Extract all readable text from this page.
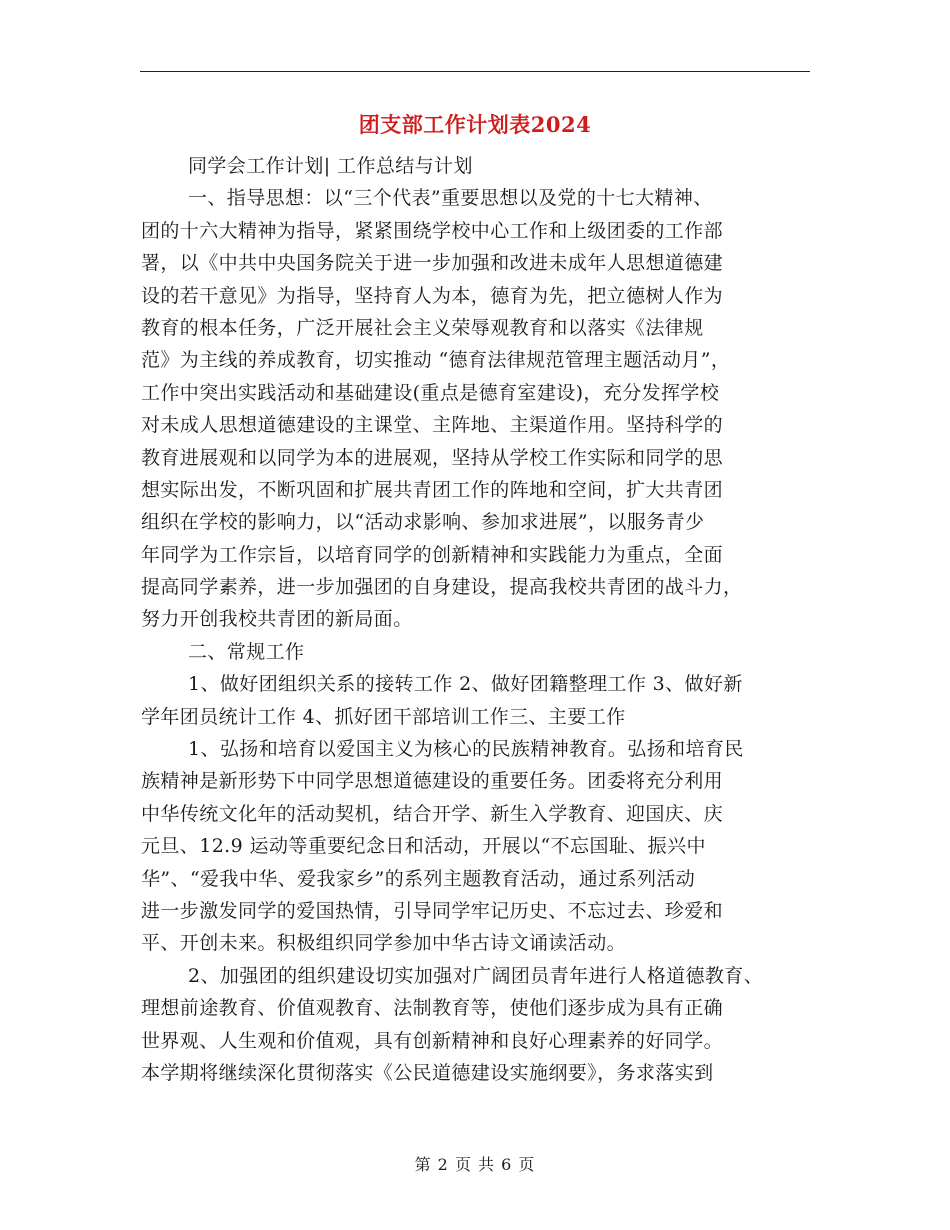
团支部工作计划表2024
同学会工作计划| 工作总结与计划
一、指导思想：以“三个代表”重要思想以及党的十七大精神、
团的十六大精神为指导，紧紧围绕学校中心工作和上级团委的工作部
署，以《中共中央国务院关于进一步加强和改进未成年人思想道德建
设的若干意见》为指导，坚持育人为本，德育为先，把立德树人作为
教育的根本任务，广泛开展社会主义荣辱观教育和以落实《法律规
范》为主线的养成教育，切实推动 “德育法律规范管理主题活动月”，
工作中突出实践活动和基础建设(重点是德育室建设)，充分发挥学校
对未成人思想道德建设的主课堂、主阵地、主渠道作用。坚持科学的
教育进展观和以同学为本的进展观，坚持从学校工作实际和同学的思
想实际出发，不断巩固和扩展共青团工作的阵地和空间，扩大共青团
组织在学校的影响力，以“活动求影响、参加求进展”，以服务青少
年同学为工作宗旨，以培育同学的创新精神和实践能力为重点，全面
提高同学素养，进一步加强团的自身建设，提高我校共青团的战斗力，
努力开创我校共青团的新局面。
二、常规工作
1、做好团组织关系的接转工作 2、做好团籍整理工作 3、做好新
学年团员统计工作 4、抓好团干部培训工作三、主要工作
1、弘扬和培育以爱国主义为核心的民族精神教育。弘扬和培育民
族精神是新形势下中同学思想道德建设的重要任务。团委将充分利用
中华传统文化年的活动契机，结合开学、新生入学教育、迎国庆、庆
元旦、12.9 运动等重要纪念日和活动，开展以“不忘国耻、振兴中
华”、“爱我中华、爱我家乡”的系列主题教育活动，通过系列活动
进一步激发同学的爱国热情，引导同学牢记历史、不忘过去、珍爱和
平、开创未来。积极组织同学参加中华古诗文诵读活动。
2、加强团的组织建设切实加强对广阔团员青年进行人格道德教育、
理想前途教育、价值观教育、法制教育等，使他们逐步成为具有正确
世界观、人生观和价值观，具有创新精神和良好心理素养的好同学。
本学期将继续深化贯彻落实《公民道德建设实施纲要》，务求落实到
第 2 页 共 6 页
